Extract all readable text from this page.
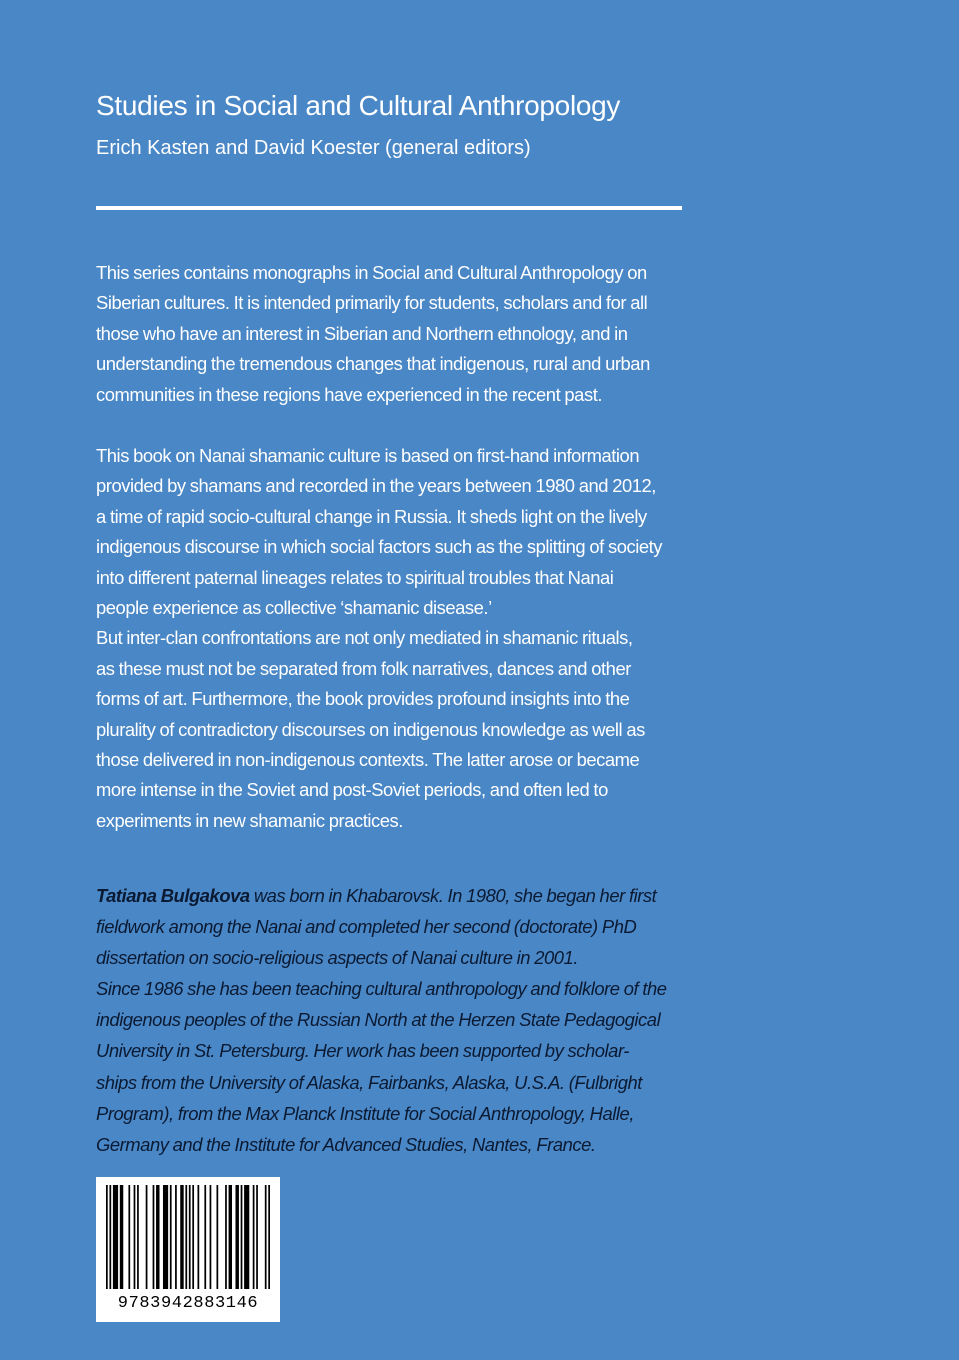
Studies in Social and Cultural Anthropology
Erich Kasten and David Koester (general editors)

This series contains monographs in Social and Cultural Anthropology on

Siberian cultures. It is intended primarily for students, scholars and for all

those who have an interest in Siberian and Northern ethnology, and in

understanding the tremendous changes that indigenous, rural and urban

communities in these regions have experienced in the recent past.

This book on Nanai shamanic culture is based on first-hand information

provided by shamans and recorded in the years between 1980 and 2012,

a time of rapid socio-cultural change in Russia. It sheds light on the lively

indigenous discourse in which social factors such as the splitting of society

into different paternal lineages relates to spiritual troubles that Nanai

people experience as collective ‘shamanic disease.’

But inter-clan confrontations are not only mediated in shamanic rituals,

as these must not be separated from folk narratives, dances and other

forms of art. Furthermore, the book provides profound insights into the

plurality of contradictory discourses on indigenous knowledge as well as

those delivered in non-indigenous contexts. The latter arose or became

more intense in the Soviet and post-Soviet periods, and often led to

experiments in new shamanic practices.

Tatiana Bulgakova was born in Khabarovsk. In 1980, she began her first
fieldwork among the Nanai and completed her second (doctorate) PhD
dissertation on socio-religious aspects of Nanai culture in 2001.
Since 1986 she has been teaching cultural anthropology and folklore of the
indigenous peoples of the Russian North at the Herzen State Pedagogical
University in St. Petersburg. Her work has been supported by scholar-
ships from the University of Alaska, Fairbanks, Alaska, U.S.A. (Fulbright
Program), from the Max Planck Institute for Social Anthropology, Halle,
Germany and the Institute for Advanced Studies, Nantes, France.
9783942883146
